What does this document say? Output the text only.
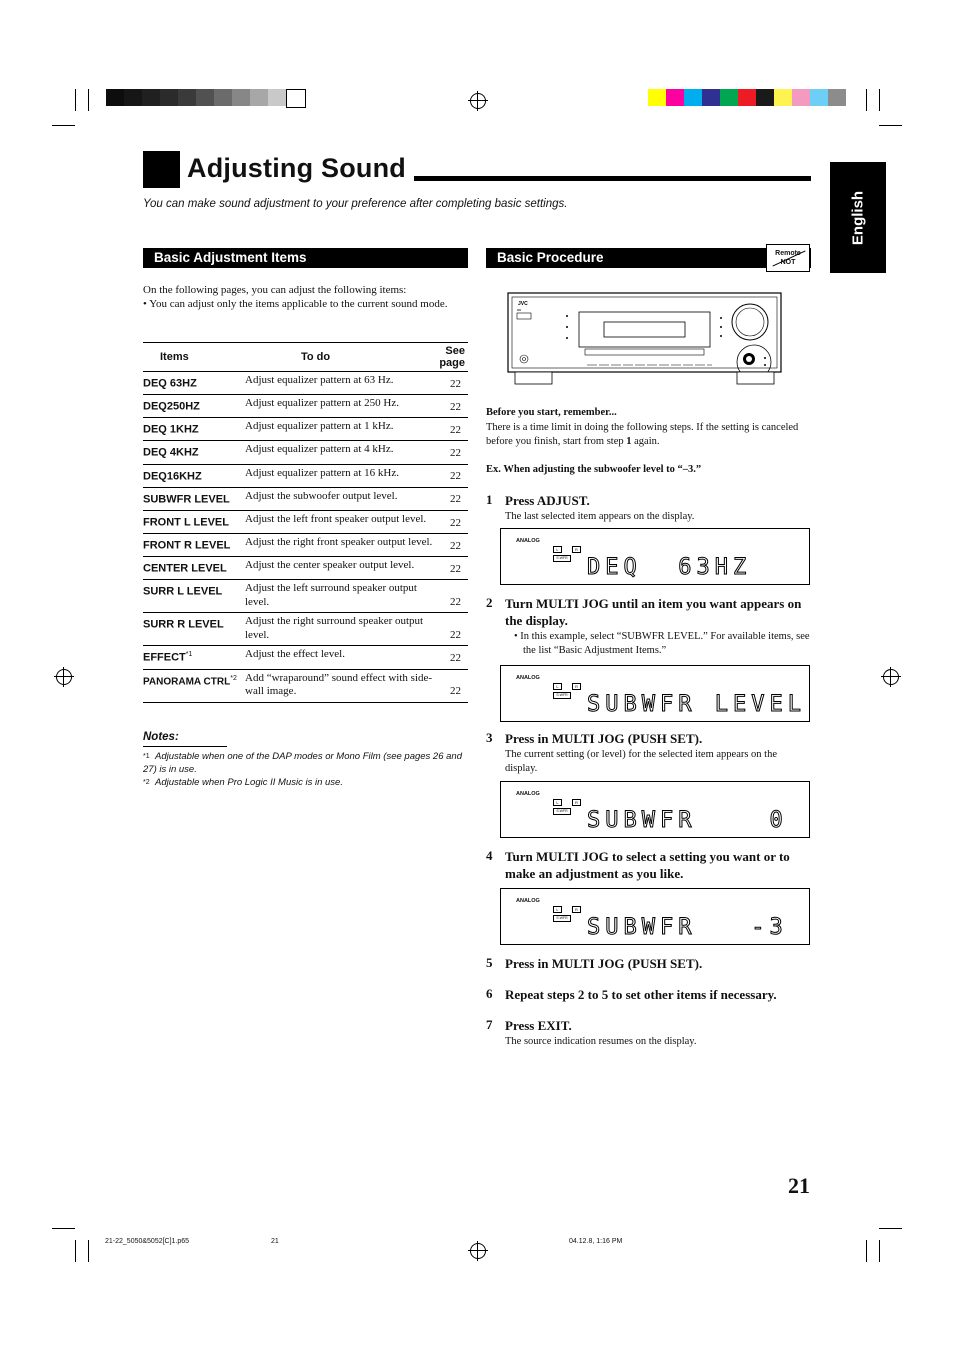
Adjusting Sound
You can make sound adjustment to your preference after completing basic settings.	English
Basic Adjustment Items
On the following pages, you can adjust the following items:
• You can adjust only the items applicable to the current sound mode.
Items	To do	See page
DEQ 63HZ	Adjust equalizer pattern at 63 Hz.	22
DEQ250HZ	Adjust equalizer pattern at 250 Hz.	22
DEQ 1KHZ	Adjust equalizer pattern at 1 kHz.	22
DEQ 4KHZ	Adjust equalizer pattern at 4 kHz.	22
DEQ16KHZ	Adjust equalizer pattern at 16 kHz.	22
SUBWFR LEVEL	Adjust the subwoofer output level.	22
FRONT L LEVEL	Adjust the left front speaker output level.	22
FRONT R LEVEL	Adjust the right front speaker output level.	22
CENTER LEVEL	Adjust the center speaker output level.	22
SURR L LEVEL	Adjust the left surround speaker output level.	22
SURR R LEVEL	Adjust the right surround speaker output level.	22
EFFECT$^{*1}$	Adjust the effect level.	22
PANORAMA CTRL$^{*2}$	Add “wraparound” sound effect with side-wall image.	22
Notes:
*1 Adjustable when one of the DAP modes or Mono Film (see pages 26 and 27) is in use.
*2 Adjustable when Pro Logic II Music is in use.
Basic Procedure	Remote
NOT
JVC
Before you start, remember...
There is a time limit in doing the following steps. If the setting is canceled before you finish, start from step 1 again.
Ex. When adjusting the subwoofer level to “–3.”
1 Press ADJUST.
The last selected item appears on the display.
ANALOG
L	R
S.WFR DEQ  63HZ
2 Turn MULTI JOG until an item you want appears on the display.
• In this example, select “SUBWFR LEVEL.” For available items, see the list “Basic Adjustment Items.”
ANALOG
L	R
S.WFR SUBWFR LEVEL
3 Press in MULTI JOG (PUSH SET).
The current setting (or level) for the selected item appears on the display.
ANALOG
L	R
S.WFR SUBWFR    0
4 Turn MULTI JOG to select a setting you want or to make an adjustment as you like.
ANALOG
L	R
S.WFR SUBWFR   -3
5 Press in MULTI JOG (PUSH SET).
6 Repeat steps 2 to 5 to set other items if necessary.
7 Press EXIT.
The source indication resumes on the display.
21
21-22_5050&5052[C]1.p65	21	04.12.8, 1:16 PM
